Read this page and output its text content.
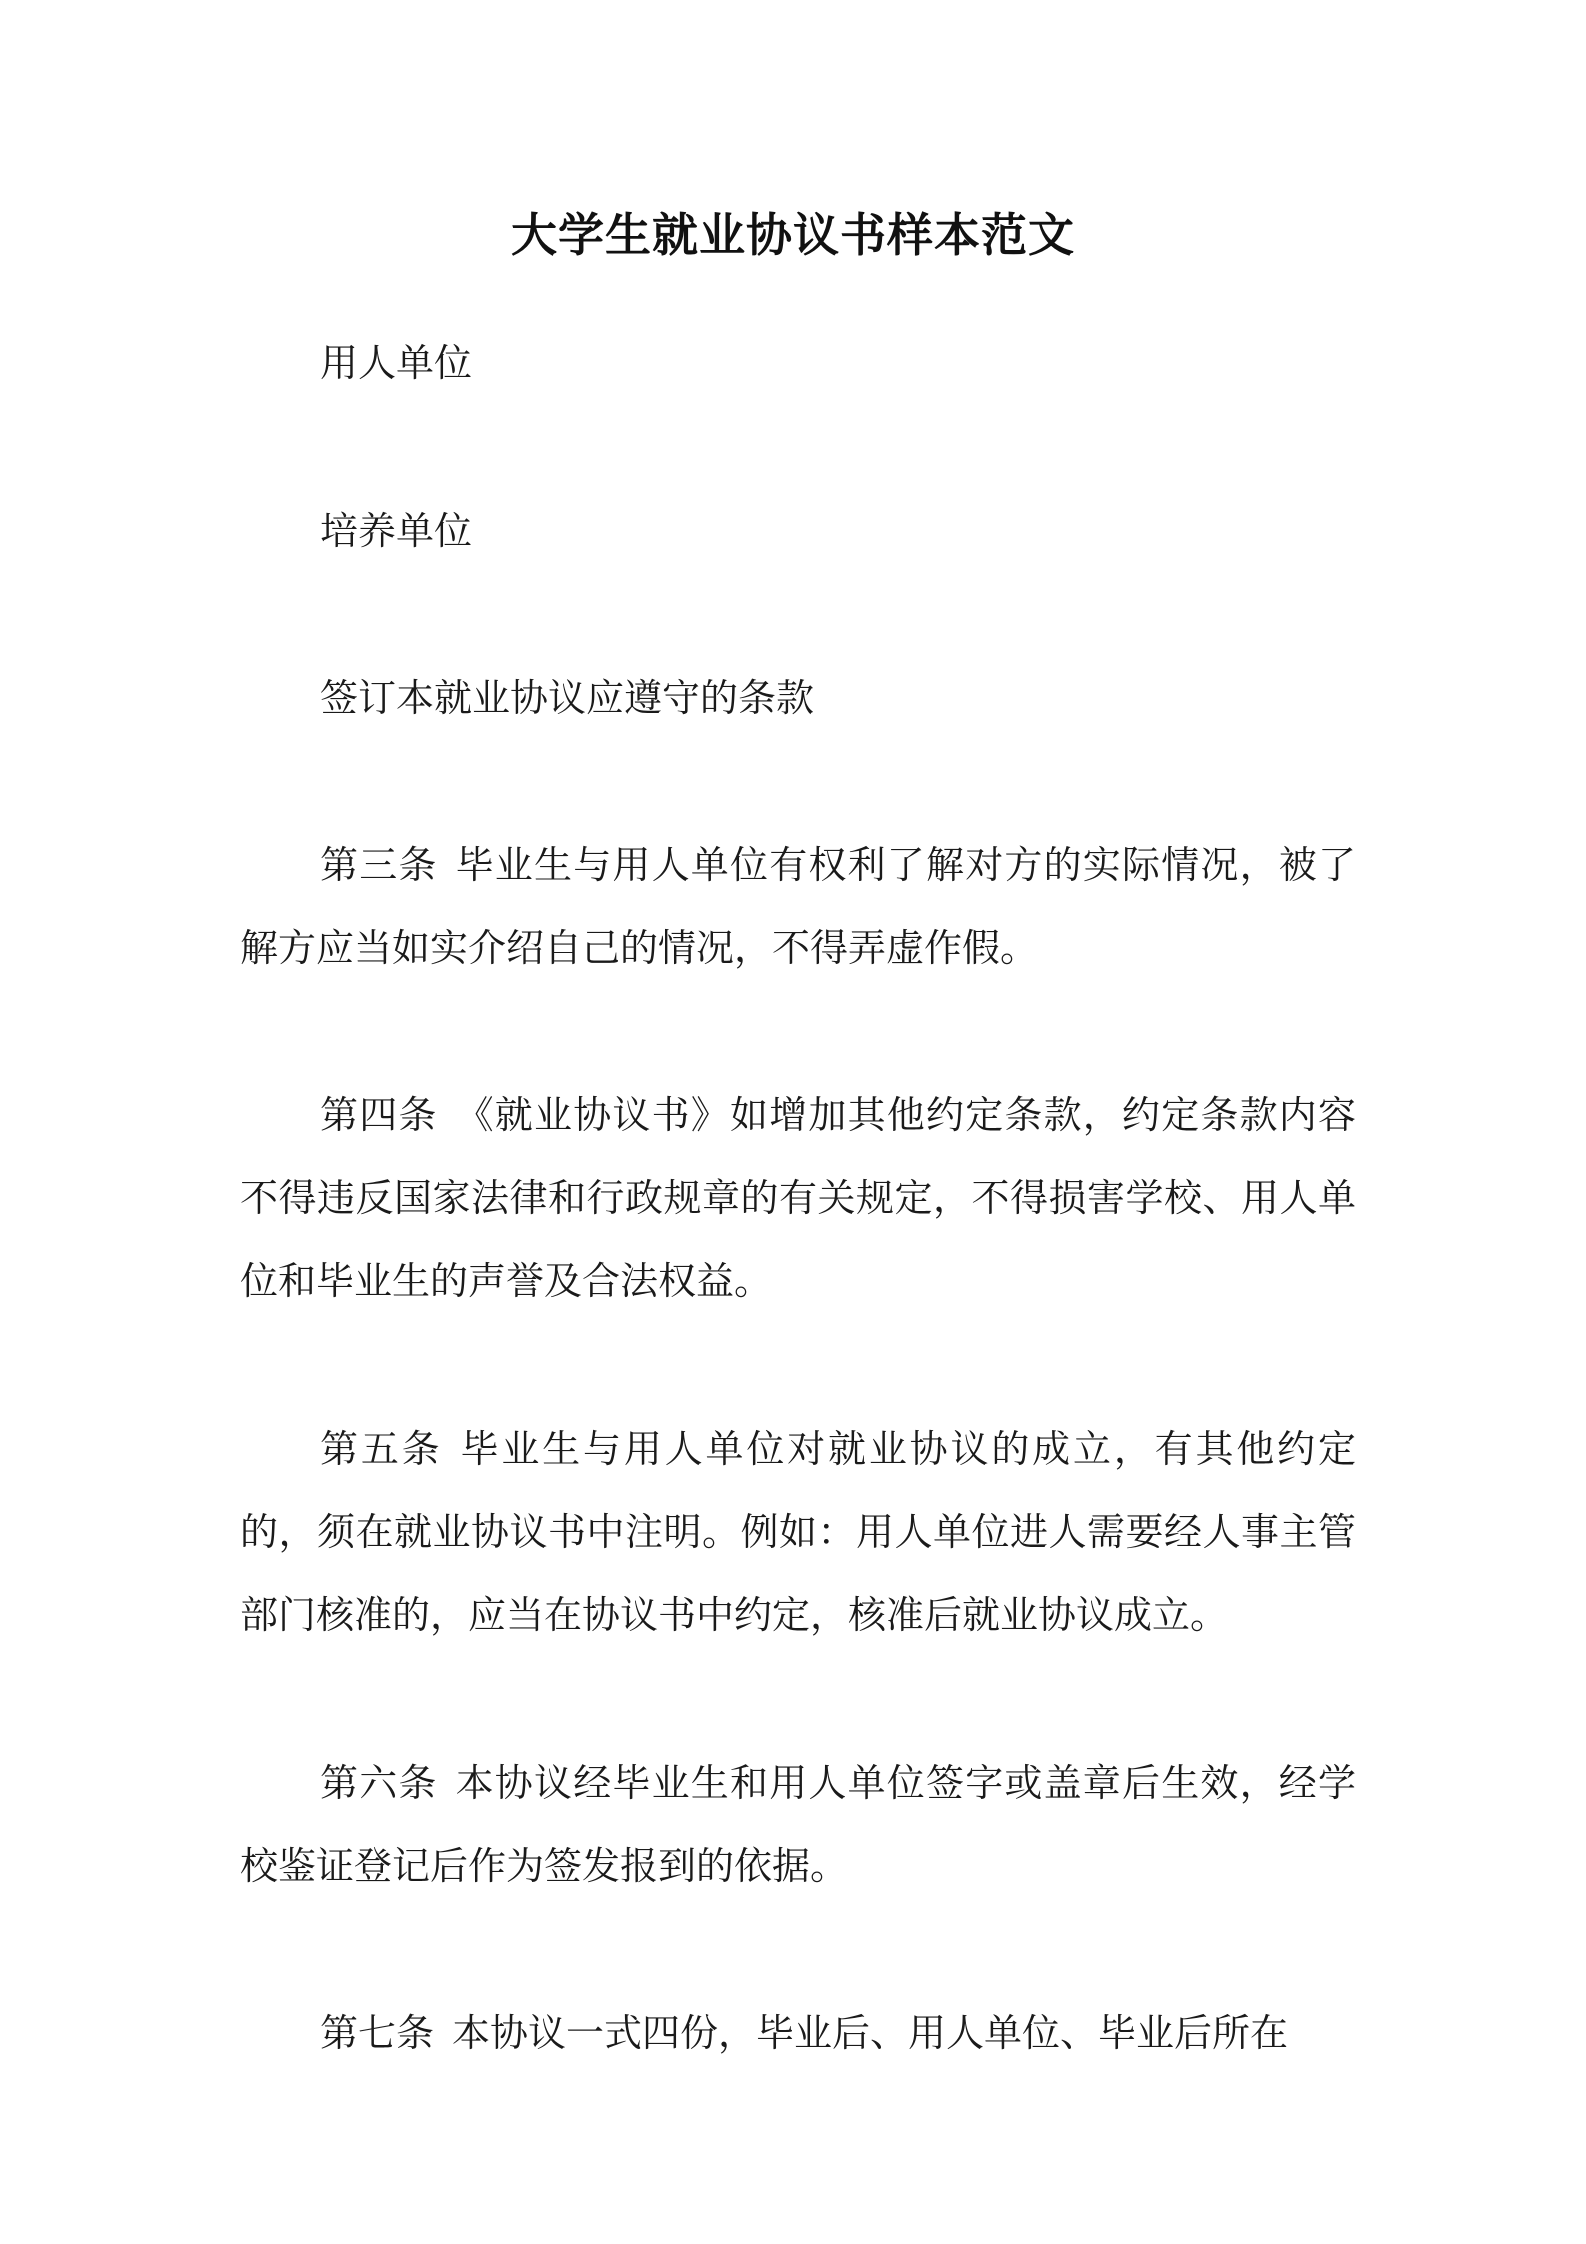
大学生就业协议书样本范文

用人单位

培养单位

签订本就业协议应遵守的条款

第三条 毕业生与用人单位有权利了解对方的实际情况，被了解方应当如实介绍自己的情况，不得弄虚作假。

第四条 《就业协议书》如增加其他约定条款，约定条款内容不得违反国家法律和行政规章的有关规定，不得损害学校、用人单位和毕业生的声誉及合法权益。

第五条 毕业生与用人单位对就业协议的成立，有其他约定的，须在就业协议书中注明。例如：用人单位进人需要经人事主管部门核准的，应当在协议书中约定，核准后就业协议成立。

第六条 本协议经毕业生和用人单位签字或盖章后生效，经学校鉴证登记后作为签发报到的依据。

第七条 本协议一式四份，毕业后、用人单位、毕业后所在
